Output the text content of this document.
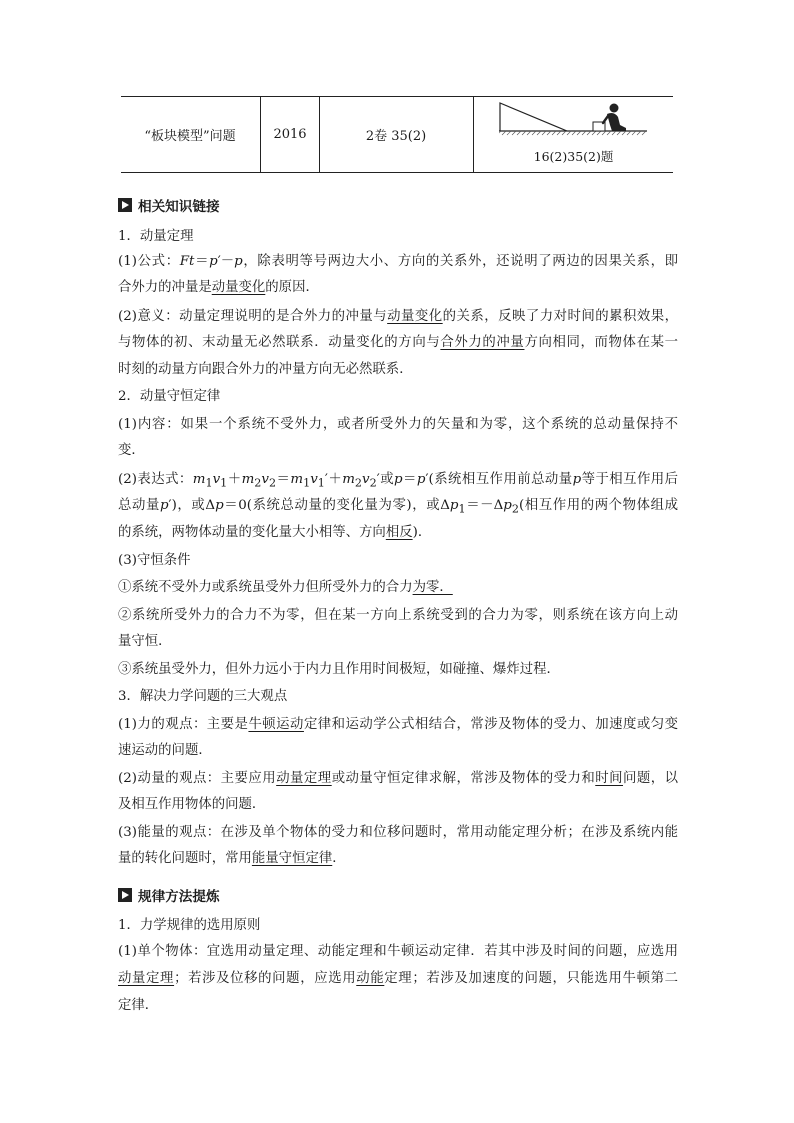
“板块模型”问题	2016	2卷 35(2)
16(2)35(2)题
相关知识链接
1．动量定理
(1)公式：Ft＝p′－p，除表明等号两边大小、方向的关系外，还说明了两边的因果关系，即
合外力的冲量是动量变化的原因．
(2)意义：动量定理说明的是合外力的冲量与动量变化的关系，反映了力对时间的累积效果，
与物体的初、末动量无必然联系．动量变化的方向与合外力的冲量方向相同，而物体在某一
时刻的动量方向跟合外力的冲量方向无必然联系．
2．动量守恒定律
(1)内容：如果一个系统不受外力，或者所受外力的矢量和为零，这个系统的总动量保持不
变．
(2)表达式：$m_1v_1+m_2v_2=m_1v_1'+m_2v_2'$或p＝p′(系统相互作用前总动量p等于相互作用后
总动量p′)，或Δp＝0(系统总动量的变化量为零)，或$\Delta p_1=-\Delta p_2$(相互作用的两个物体组成
的系统，两物体动量的变化量大小相等、方向相反)．
(3)守恒条件
①系统不受外力或系统虽受外力但所受外力的合力为零．
②系统所受外力的合力不为零，但在某一方向上系统受到的合力为零，则系统在该方向上动
量守恒．
③系统虽受外力，但外力远小于内力且作用时间极短，如碰撞、爆炸过程．
3．解决力学问题的三大观点
(1)力的观点：主要是牛顿运动定律和运动学公式相结合，常涉及物体的受力、加速度或匀变
速运动的问题．
(2)动量的观点：主要应用动量定理或动量守恒定律求解，常涉及物体的受力和时间问题，以
及相互作用物体的问题．
(3)能量的观点：在涉及单个物体的受力和位移问题时，常用动能定理分析；在涉及系统内能
量的转化问题时，常用能量守恒定律．
规律方法提炼
1．力学规律的选用原则
(1)单个物体：宜选用动量定理、动能定理和牛顿运动定律．若其中涉及时间的问题，应选用
动量定理；若涉及位移的问题，应选用动能定理；若涉及加速度的问题，只能选用牛顿第二
定律．
